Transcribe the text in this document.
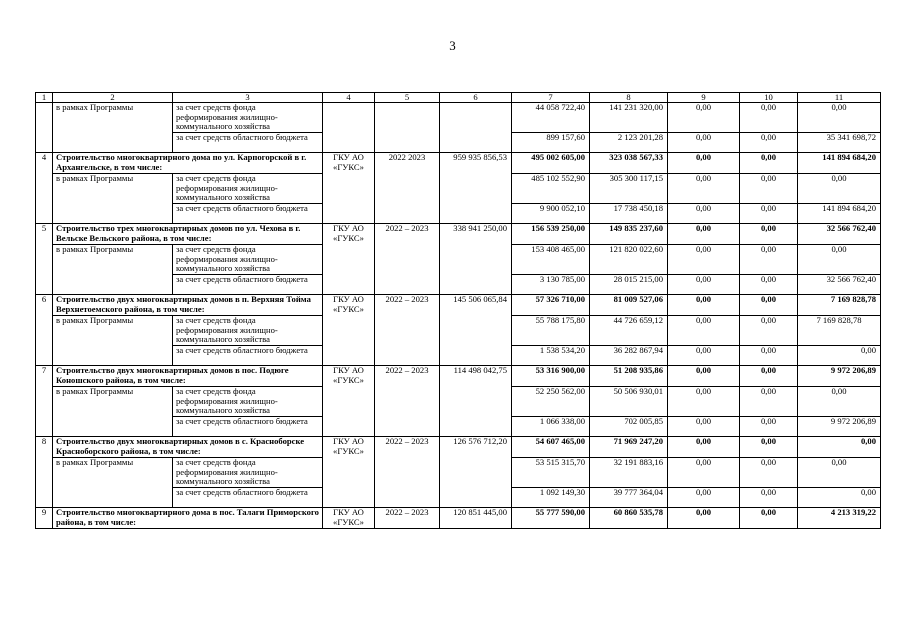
3
1	2	3	4	5	6	7	8	9	10	11
	в рамках Программы	за счет средств фонда реформирования жилищно-коммунального хозяйства				44 058 722,40	141 231 320,00	0,00	0,00	0,00
		за счет средств областного бюджета				899 157,60	2 123 201,28	0,00	0,00	35 341 698,72
4	Строительство многоквартирного дома по ул. Карпогорской в г. Архангельске, в том числе:		ГКУ АО «ГУКС»	2022 2023	959 935 856,53	495 002 605,00	323 038 567,33	0,00	0,00	141 894 684,20
	в рамках Программы	за счет средств фонда реформирования жилищно-коммунального хозяйства				485 102 552,90	305 300 117,15	0,00	0,00	0,00
		за счет средств областного бюджета				9 900 052,10	17 738 450,18	0,00	0,00	141 894 684,20
5	Строительство трех многоквартирных домов по ул. Чехова в г. Вельске Вельского района, в том числе:		ГКУ АО «ГУКС»	2022 – 2023	338 941 250,00	156 539 250,00	149 835 237,60	0,00	0,00	32 566 762,40
	в рамках Программы	за счет средств фонда реформирования жилищно-коммунального хозяйства				153 408 465,00	121 820 022,60	0,00	0,00	0,00
		за счет средств областного бюджета				3 130 785,00	28 015 215,00	0,00	0,00	32 566 762,40
6	Строительство двух многоквартирных домов в п. Верхняя Тойма Верхнетоемского района, в том числе:		ГКУ АО «ГУКС»	2022 – 2023	145 506 065,84	57 326 710,00	81 009 527,06	0,00	0,00	7 169 828,78
	в рамках Программы	за счет средств фонда реформирования жилищно-коммунального хозяйства				55 788 175,80	44 726 659,12	0,00	0,00	7 169 828,78
		за счет средств областного бюджета				1 538 534,20	36 282 867,94	0,00	0,00	0,00
7	Строительство двух многоквартирных домов в пос. Подюге Коношского района, в том числе:		ГКУ АО «ГУКС»	2022 – 2023	114 498 042,75	53 316 900,00	51 208 935,86	0,00	0,00	9 972 206,89
	в рамках Программы	за счет средств фонда реформирования жилищно-коммунального хозяйства				52 250 562,00	50 506 930,01	0,00	0,00	0,00
		за счет средств областного бюджета				1 066 338,00	702 005,85	0,00	0,00	9 972 206,89
8	Строительство двух многоквартирных домов в с. Красноборске Красноборского района, в том числе:		ГКУ АО «ГУКС»	2022 – 2023	126 576 712,20	54 607 465,00	71 969 247,20	0,00	0,00	0,00
	в рамках Программы	за счет средств фонда реформирования жилищно-коммунального хозяйства				53 515 315,70	32 191 883,16	0,00	0,00	0,00
		за счет средств областного бюджета				1 092 149,30	39 777 364,04	0,00	0,00	0,00
9	Строительство многоквартирного дома в пос. Талаги Приморского района, в том числе:		ГКУ АО «ГУКС»	2022 – 2023	120 851 445,00	55 777 590,00	60 860 535,78	0,00	0,00	4 213 319,22
